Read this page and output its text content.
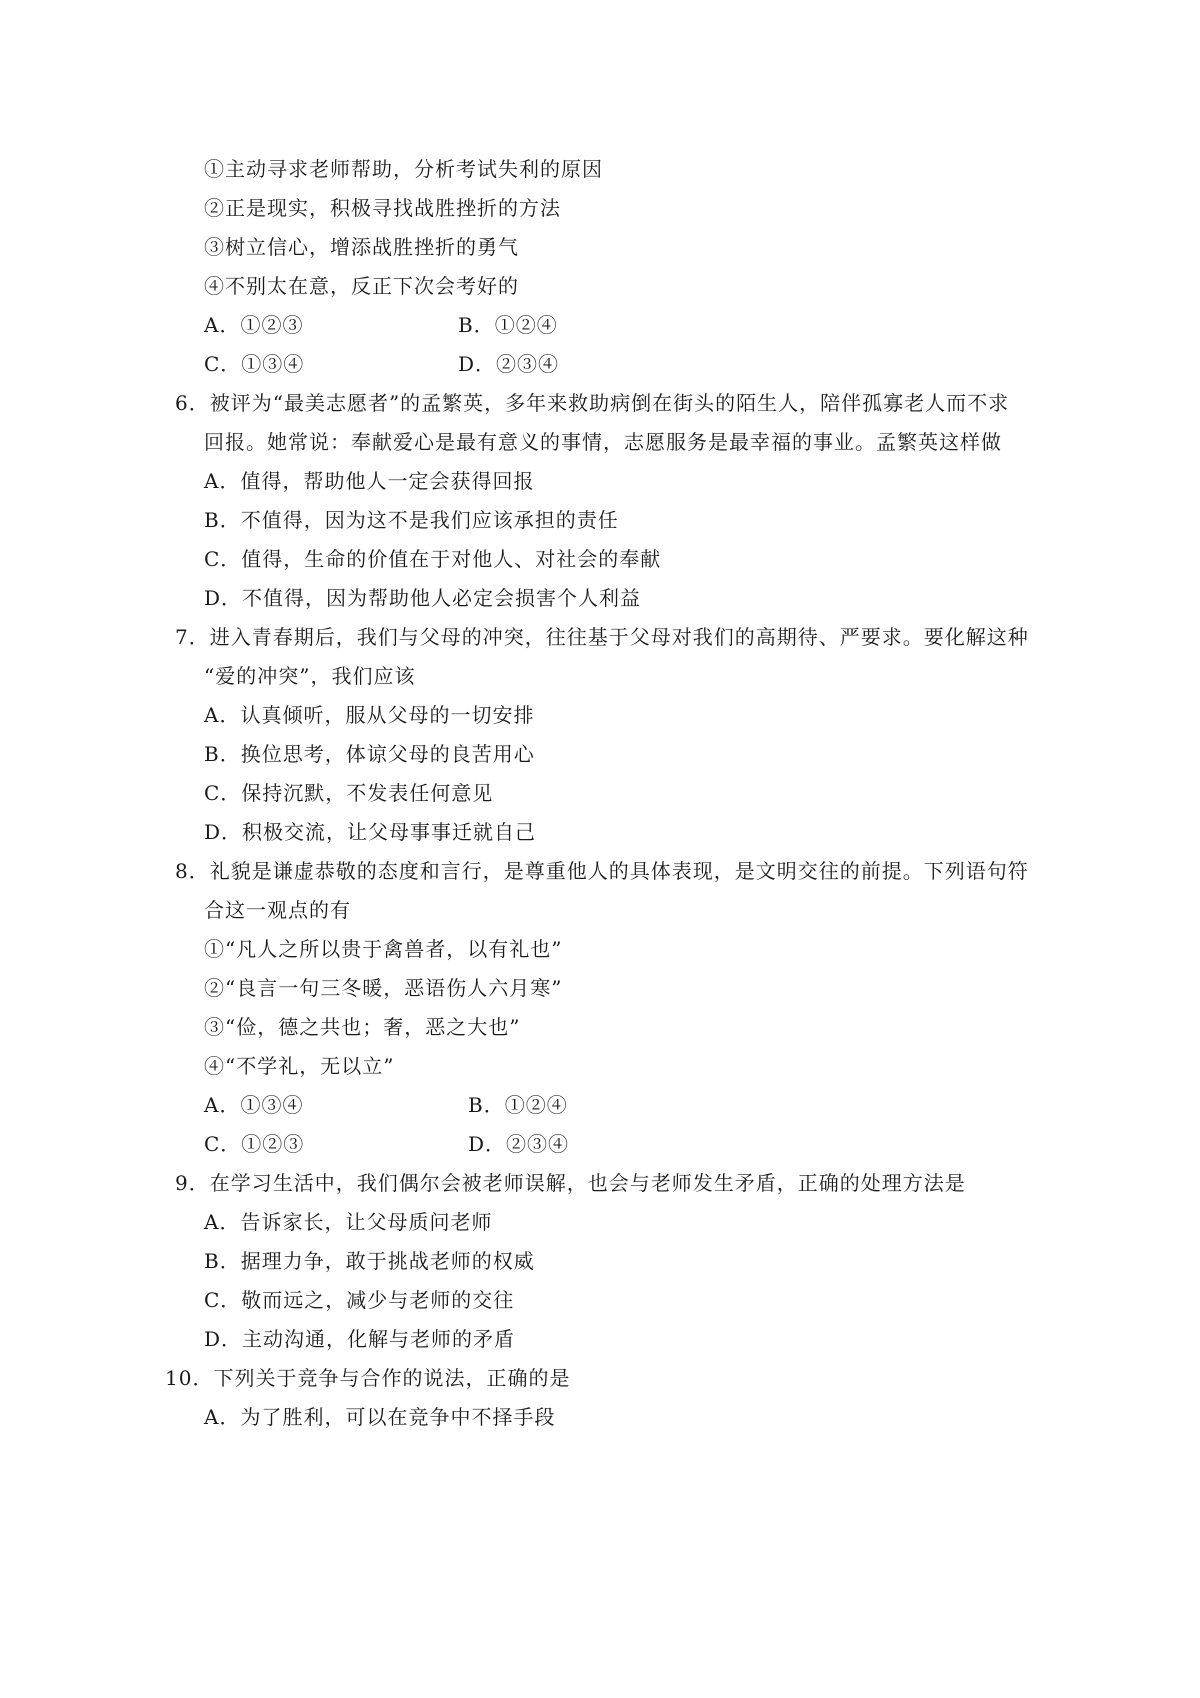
①主动寻求老师帮助，分析考试失利的原因
②正是现实，积极寻找战胜挫折的方法
③树立信心，增添战胜挫折的勇气
④不别太在意，反正下次会考好的
A．①②③	B．①②④
C．①③④	D．②③④
6．被评为“最美志愿者”的孟繁英，多年来救助病倒在街头的陌生人，陪伴孤寡老人而不求
回报。她常说：奉献爱心是最有意义的事情，志愿服务是最幸福的事业。孟繁英这样做
A．值得，帮助他人一定会获得回报
B．不值得，因为这不是我们应该承担的责任
C．值得，生命的价值在于对他人、对社会的奉献
D．不值得，因为帮助他人必定会损害个人利益
7．进入青春期后，我们与父母的冲突，往往基于父母对我们的高期待、严要求。要化解这种
“爱的冲突”，我们应该
A．认真倾听，服从父母的一切安排
B．换位思考，体谅父母的良苦用心
C．保持沉默，不发表任何意见
D．积极交流，让父母事事迁就自己
8．礼貌是谦虚恭敬的态度和言行，是尊重他人的具体表现，是文明交往的前提。下列语句符
合这一观点的有
①“凡人之所以贵于禽兽者，以有礼也”
②“良言一句三冬暖，恶语伤人六月寒”
③“俭，德之共也；奢，恶之大也”
④“不学礼，无以立”
A．①③④	B．①②④
C．①②③	D．②③④
9．在学习生活中，我们偶尔会被老师误解，也会与老师发生矛盾，正确的处理方法是
A．告诉家长，让父母质问老师
B．据理力争，敢于挑战老师的权威
C．敬而远之，减少与老师的交往
D．主动沟通，化解与老师的矛盾
10．下列关于竞争与合作的说法，正确的是
A．为了胜利，可以在竞争中不择手段
